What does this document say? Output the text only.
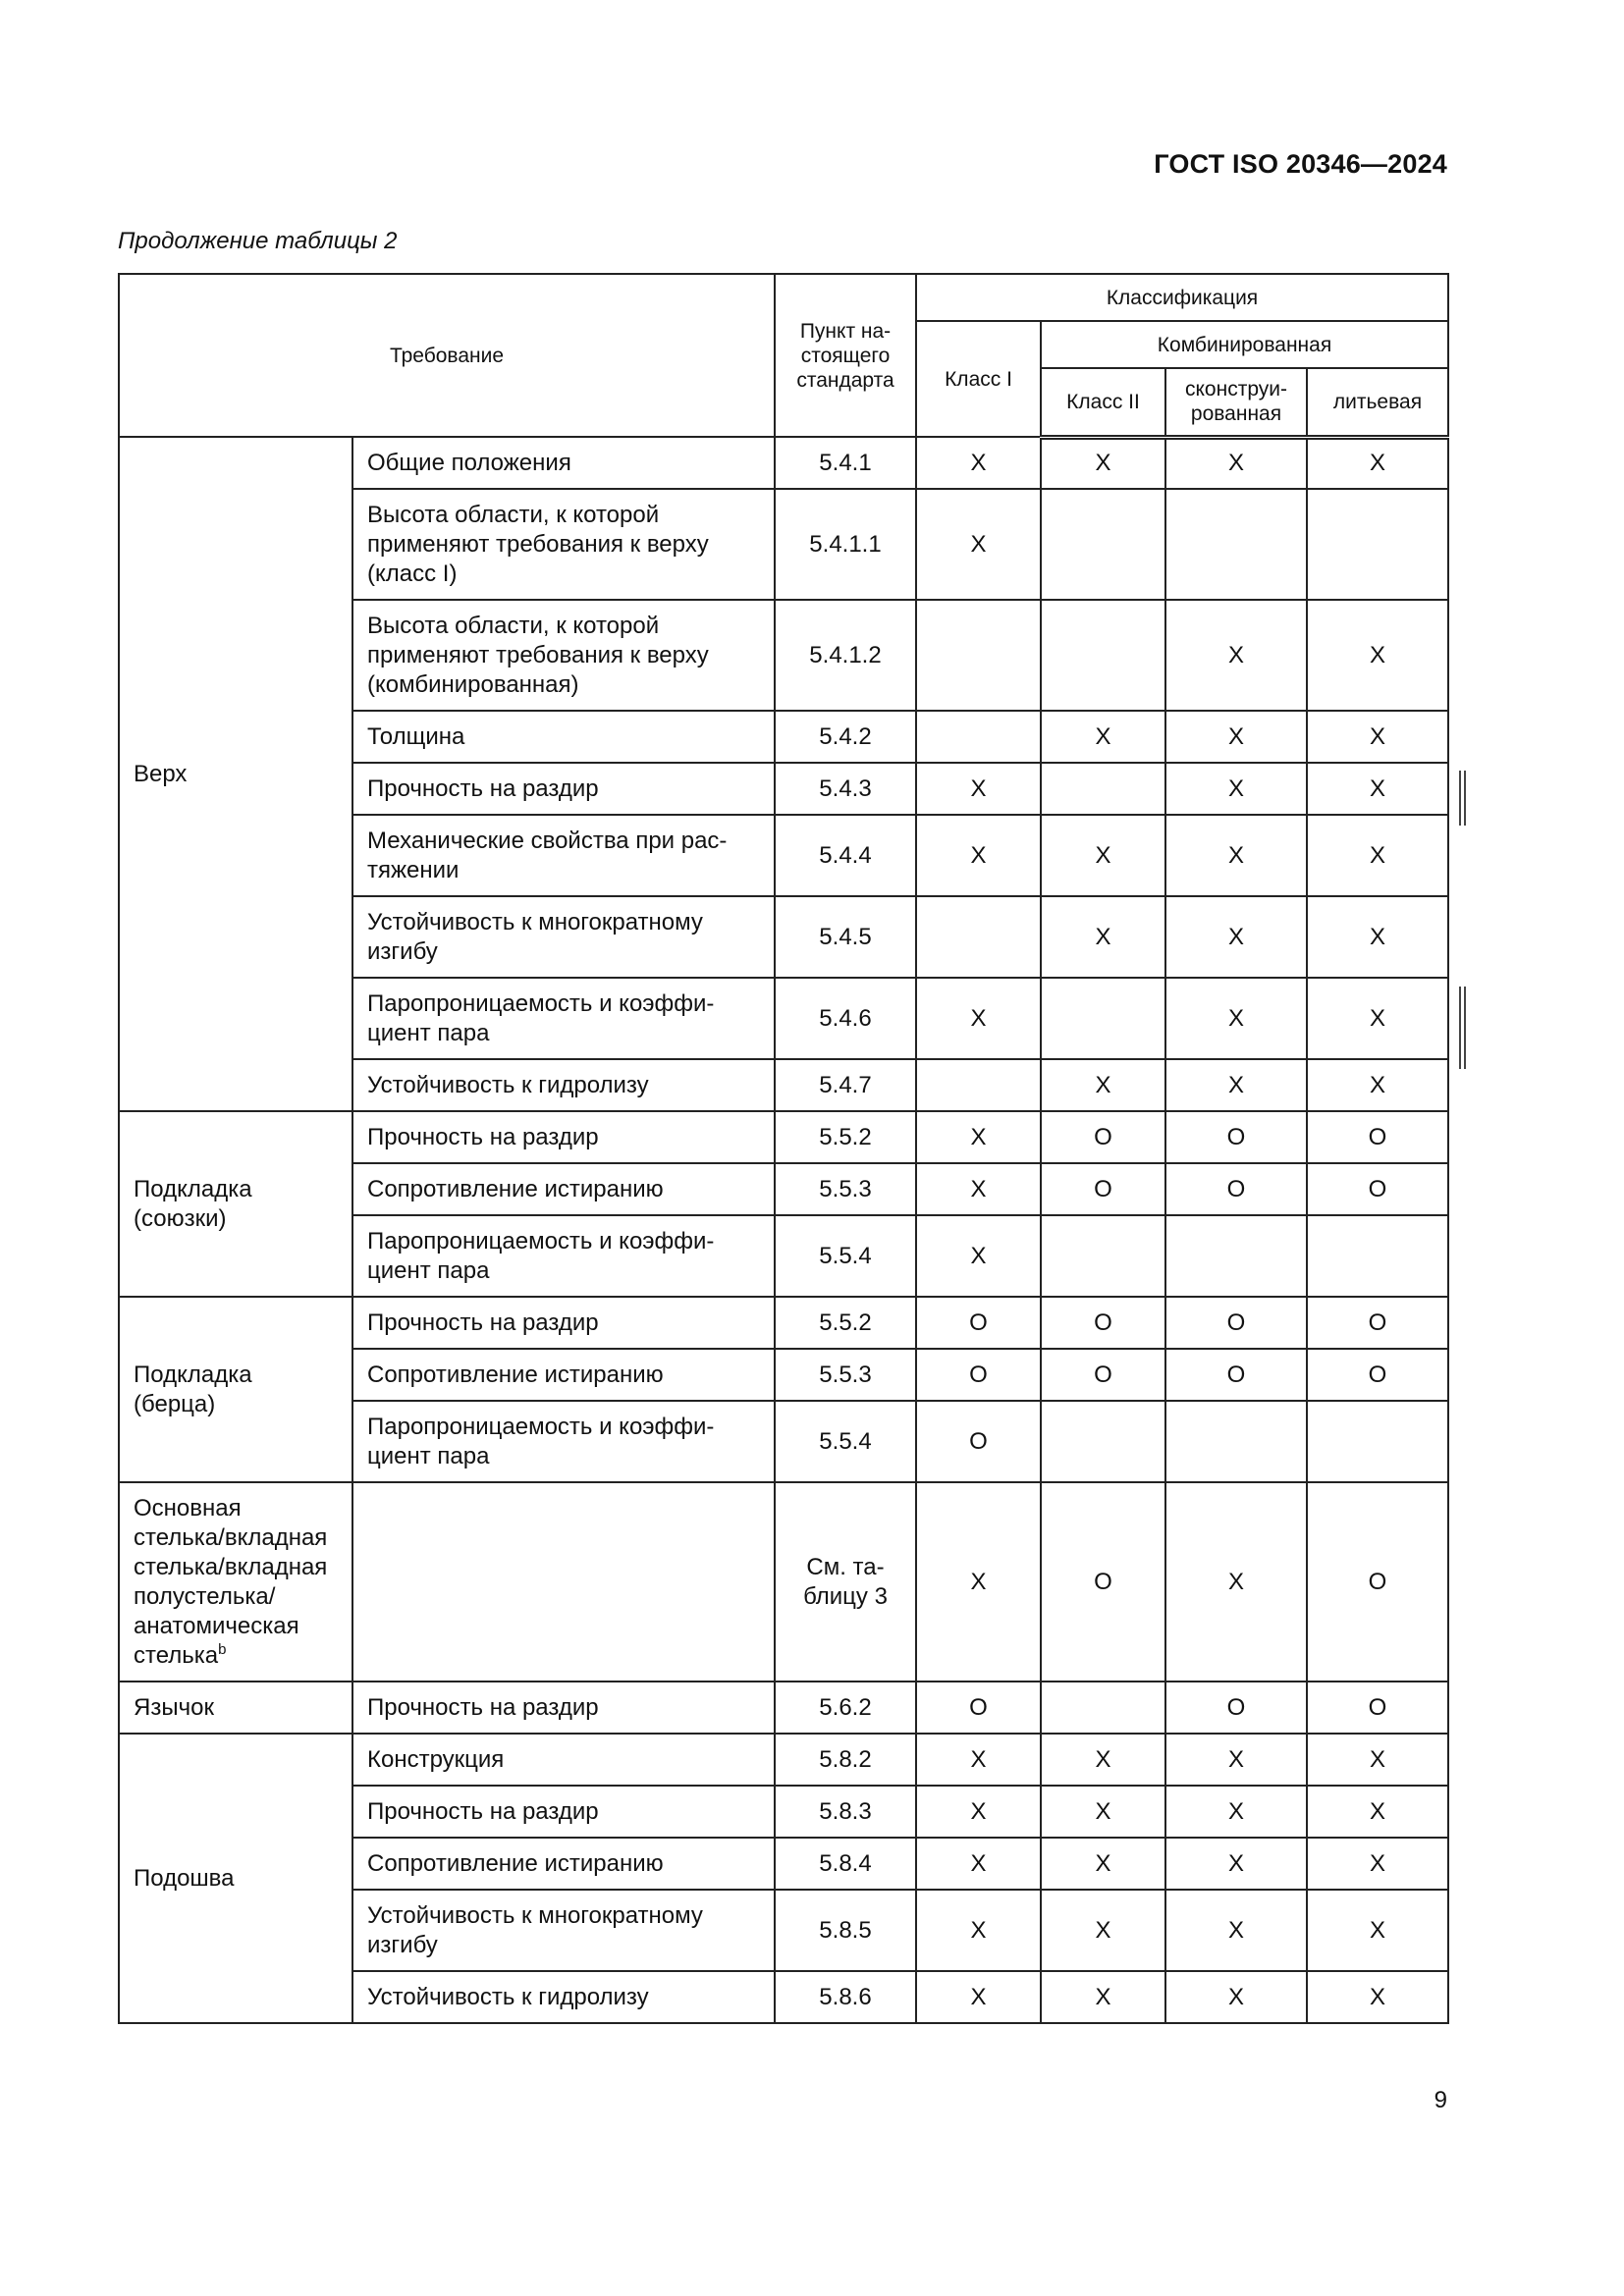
ГОСТ ISO 20346—2024
Продолжение таблицы 2
Требование		Пункт на-
стоящего
стандарта	Классификация			
			Класс I	Комбинированная		
				Класс II	сконструи-
рованная	литьевая
Верх	Общие положения	5.4.1	X	X	X	X
	Высота области, к которой применяют требования к верху (класс I)	5.4.1.1	X			
	Высота области, к которой применяют требования к верху (комбинированная)	5.4.1.2			X	X
	Толщина	5.4.2		X	X	X
	Прочность на раздир	5.4.3	X		X	X
	Механические свойства при рас-
тяжении	5.4.4	X	X	X	X
	Устойчивость к многократному изгибу	5.4.5		X	X	X
	Паропроницаемость и коэффи-
циент пара	5.4.6	X		X	X
	Устойчивость к гидролизу	5.4.7		X	X	X
Подкладка (союзки)	Прочность на раздир	5.5.2	X	O	O	O
	Сопротивление истиранию	5.5.3	X	O	O	O
	Паропроницаемость и коэффи-
циент пара	5.5.4	X			
Подкладка (берца)	Прочность на раздир	5.5.2	O	O	O	O
	Сопротивление истиранию	5.5.3	O	O	O	O
	Паропроницаемость и коэффи-
циент пара	5.5.4	O			
Основная стелька/вкладная стелька/вкладная полустелька/ анатомическая стелька$^b$		См. та-
блицу 3	X	O	X	O
Язычок	Прочность на раздир	5.6.2	O		O	O
Подошва	Конструкция	5.8.2	X	X	X	X
	Прочность на раздир	5.8.3	X	X	X	X
	Сопротивление истиранию	5.8.4	X	X	X	X
	Устойчивость к многократному изгибу	5.8.5	X	X	X	X
	Устойчивость к гидролизу	5.8.6	X	X	X	X
9
